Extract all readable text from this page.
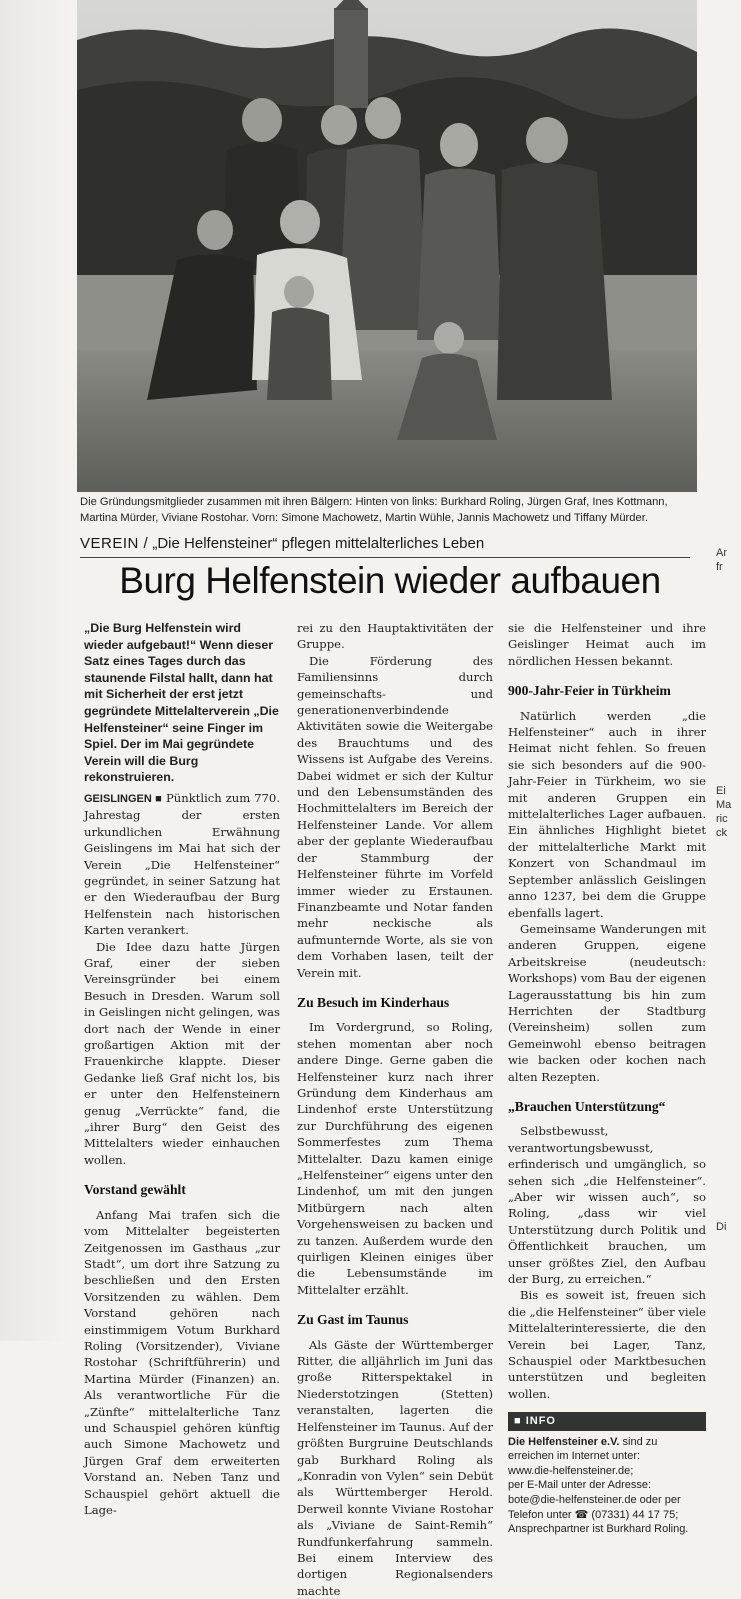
Die Gründungsmitglieder zusammen mit ihren Bälgern: Hinten von links: Burkhard Roling, Jürgen Graf, Ines Kottmann, Martina Mürder, Viviane Rostohar. Vorn: Simone Machowetz, Martin Wühle, Jannis Machowetz und Tiffany Mürder.
VEREIN / „Die Helfensteiner“ pflegen mittelalterliches Leben
Burg Helfenstein wieder aufbauen

„Die Burg Helfenstein wird wieder aufgebaut!“ Wenn dieser Satz eines Tages durch das staunende Filstal hallt, dann hat mit Sicherheit der erst jetzt gegründete Mittelalterverein „Die Helfensteiner“ seine Finger im Spiel. Der im Mai gegründete Verein will die Burg rekonstruieren.

GEISLINGEN ■ Pünktlich zum 770. Jahrestag der ersten urkundlichen Erwähnung Geislingens im Mai hat sich der Verein „Die Helfensteiner“ gegründet, in seiner Satzung hat er den Wiederaufbau der Burg Helfenstein nach historischen Karten verankert.

Die Idee dazu hatte Jürgen Graf, einer der sieben Vereinsgründer bei einem Besuch in Dresden. Warum soll in Geislingen nicht gelingen, was dort nach der Wende in einer großartigen Aktion mit der Frauenkirche klappte. Dieser Gedanke ließ Graf nicht los, bis er unter den Helfensteinern genug „Verrückte“ fand, die „ihrer Burg“ den Geist des Mittelalters wieder einhauchen wollen.

Vorstand gewählt

Anfang Mai trafen sich die vom Mittelalter begeisterten Zeitgenossen im Gasthaus „zur Stadt“, um dort ihre Satzung zu beschließen und den Ersten Vorsitzenden zu wählen. Dem Vorstand gehören nach einstimmigem Votum Burkhard Roling (Vorsitzender), Viviane Rostohar (Schriftführerin) und Martina Mürder (Finanzen) an. Als verantwortliche Für die „Zünfte“ mittelalterliche Tanz und Schauspiel gehören künftig auch Simone Machowetz und Jürgen Graf dem erweiterten Vorstand an. Neben Tanz und Schauspiel gehört aktuell die Lage-

rei zu den Hauptaktivitäten der Gruppe.

Die Förderung des Familiensinns durch gemeinschafts- und generationenverbindende Aktivitäten sowie die Weitergabe des Brauchtums und des Wissens ist Aufgabe des Vereins. Dabei widmet er sich der Kultur und den Lebensumständen des Hochmittelalters im Bereich der Helfensteiner Lande. Vor allem aber der geplante Wiederaufbau der Stammburg der Helfensteiner führte im Vorfeld immer wieder zu Erstaunen. Finanzbeamte und Notar fanden mehr neckische als aufmunternde Worte, als sie von dem Vorhaben lasen, teilt der Verein mit.

Zu Besuch im Kinderhaus

Im Vordergrund, so Roling, stehen momentan aber noch andere Dinge. Gerne gaben die Helfensteiner kurz nach ihrer Gründung dem Kinderhaus am Lindenhof erste Unterstützung zur Durchführung des eigenen Sommerfestes zum Thema Mittelalter. Dazu kamen einige „Helfensteiner“ eigens unter den Lindenhof, um mit den jungen Mitbürgern nach alten Vorgehensweisen zu backen und zu tanzen. Außerdem wurde den quirligen Kleinen einiges über die Lebensumstände im Mittelalter erzählt.

Zu Gast im Taunus

Als Gäste der Württemberger Ritter, die alljährlich im Juni das große Ritterspektakel in Niederstotzingen (Stetten) veranstalten, lagerten die Helfensteiner im Taunus. Auf der größten Burgruine Deutschlands gab Burkhard Roling als „Konradin von Vylen“ sein Debüt als Württemberger Herold. Derweil konnte Viviane Rostohar als „Viviane de Saint-Remih“ Rundfunkerfahrung sammeln. Bei einem Interview des dortigen Regionalsenders machte

sie die Helfensteiner und ihre Geislinger Heimat auch im nördlichen Hessen bekannt.

900-Jahr-Feier in Türkheim

Natürlich werden „die Helfensteiner“ auch in ihrer Heimat nicht fehlen. So freuen sie sich besonders auf die 900-Jahr-Feier in Türkheim, wo sie mit anderen Gruppen ein mittelalterliches Lager aufbauen. Ein ähnliches Highlight bietet der mittelalterliche Markt mit Konzert von Schandmaul im September anlässlich Geislingen anno 1237, bei dem die Gruppe ebenfalls lagert.

Gemeinsame Wanderungen mit anderen Gruppen, eigene Arbeitskreise (neudeutsch: Workshops) vom Bau der eigenen Lagerausstattung bis hin zum Herrichten der Stadtburg (Vereinsheim) sollen zum Gemeinwohl ebenso beitragen wie backen oder kochen nach alten Rezepten.

„Brauchen Unterstützung“

Selbstbewusst, verantwortungsbewusst, erfinderisch und umgänglich, so sehen sich „die Helfensteiner“. „Aber wir wissen auch“, so Roling, „dass wir viel Unterstützung durch Politik und Öffentlichkeit brauchen, um unser größtes Ziel, den Aufbau der Burg, zu erreichen.“

Bis es soweit ist, freuen sich die „die Helfensteiner“ über viele Mittelalterinteressierte, die den Verein bei Lager, Tanz, Schauspiel oder Marktbesuchen unterstützen und begleiten wollen.

■ INFO

Die Helfensteiner e.V. sind zu erreichen im Internet unter:
www.die-helfensteiner.de;
per E-Mail unter der Adresse:
bote@die-helfensteiner.de oder per Telefon unter ☎ (07331) 44 17 75; Ansprechpartner ist Burkhard Roling.

Ar
fr
Ei
Ma
ric
ck
Di
